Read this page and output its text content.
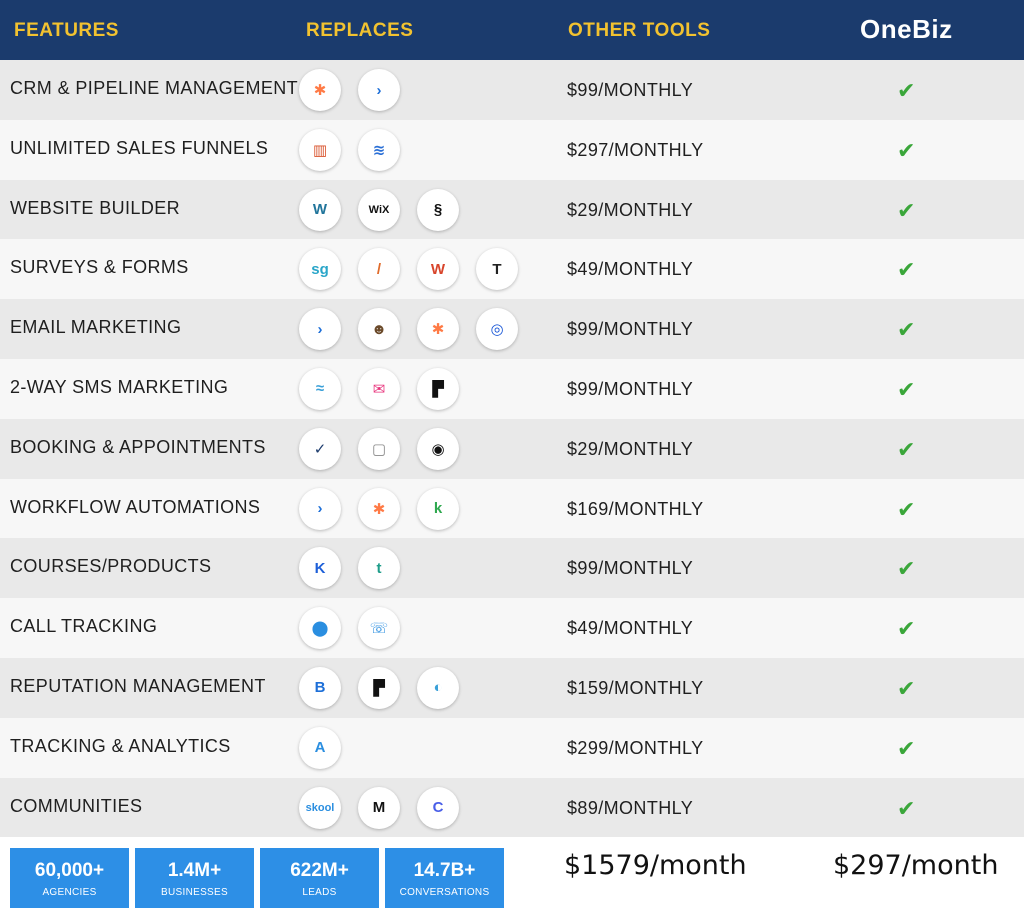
FEATURES	REPLACES	OTHER TOOLS	OneBiz
CRM & PIPELINE MANAGEMENT	✱	›	$99/MONTHLY	✔
UNLIMITED SALES FUNNELS	▥	≋	$297/MONTHLY	✔
WEBSITE BUILDER	W	WiX	§	$29/MONTHLY	✔
SURVEYS & FORMS	sg	/	W	T	$49/MONTHLY	✔
EMAIL MARKETING	›	☻	✱	◎	$99/MONTHLY	✔
2-WAY SMS MARKETING	≈	✉	▛	$99/MONTHLY	✔
BOOKING & APPOINTMENTS	✓	▢	◉	$29/MONTHLY	✔
WORKFLOW AUTOMATIONS	›	✱	k	$169/MONTHLY	✔
COURSES/PRODUCTS	K	t	$99/MONTHLY	✔
CALL TRACKING	⬤	☏	$49/MONTHLY	✔
REPUTATION MANAGEMENT	B	▛	◐	$159/MONTHLY	✔
TRACKING & ANALYTICS	A	$299/MONTHLY	✔
COMMUNITIES	skool	M	C	$89/MONTHLY	✔
60,000+
AGENCIES
1.4M+
BUSINESSES
622M+
LEADS
14.7B+
CONVERSATIONS
$1579/month	$297/month
